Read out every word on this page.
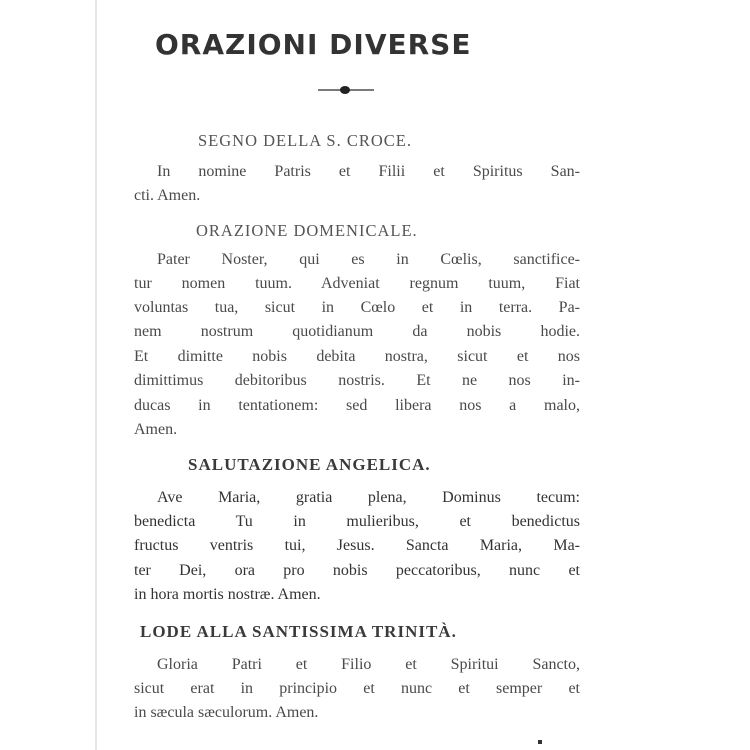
ORAZIONI DIVERSE
SEGNO DELLA S. CROCE.
In nomine Patris et Filii et Spiritus San-
cti. Amen.
ORAZIONE DOMENICALE.
Pater Noster, qui es in Cœlis, sanctifice-
tur nomen tuum. Adveniat regnum tuum, Fiat
voluntas tua, sicut in Cœlo et in terra. Pa-
nem nostrum quotidianum da nobis hodie.
Et dimitte nobis debita nostra, sicut et nos
dimittimus debitoribus nostris. Et ne nos in-
ducas in tentationem: sed libera nos a malo,
Amen.
SALUTAZIONE ANGELICA.
Ave Maria, gratia plena, Dominus tecum:
benedicta Tu in mulieribus, et benedictus
fructus ventris tui, Jesus. Sancta Maria, Ma-
ter Dei, ora pro nobis peccatoribus, nunc et
in hora mortis nostræ. Amen.
LODE ALLA SANTISSIMA TRINITÀ.
Gloria Patri et Filio et Spiritui Sancto,
sicut erat in principio et nunc et semper et
in sæcula sæculorum. Amen.
